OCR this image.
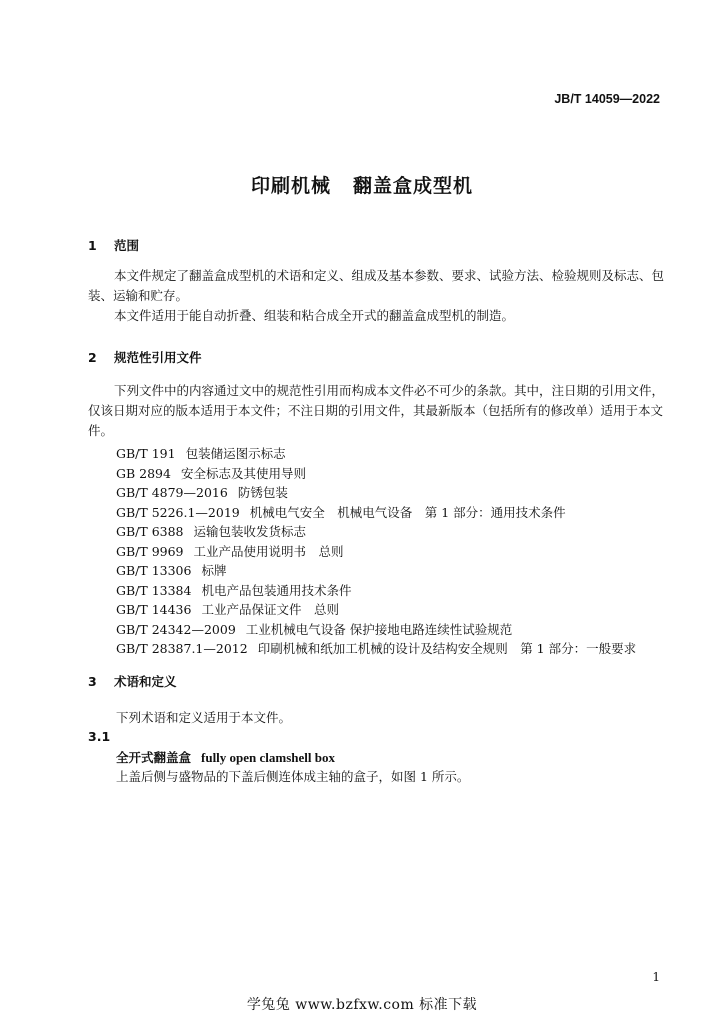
JB/T 14059—2022
印刷机械 翻盖盒成型机
1 范围
本文件规定了翻盖盒成型机的术语和定义、组成及基本参数、要求、试验方法、检验规则及标志、包装、运输和贮存。
本文件适用于能自动折叠、组装和粘合成全开式的翻盖盒成型机的制造。
2 规范性引用文件
下列文件中的内容通过文中的规范性引用而构成本文件必不可少的条款。其中，注日期的引用文件，仅该日期对应的版本适用于本文件；不注日期的引用文件，其最新版本（包括所有的修改单）适用于本文件。
GB/T 191 包装储运图示标志
GB 2894 安全标志及其使用导则
GB/T 4879—2016 防锈包装
GB/T 5226.1—2019 机械电气安全　机械电气设备　第 1 部分：通用技术条件
GB/T 6388 运输包装收发货标志
GB/T 9969 工业产品使用说明书　总则
GB/T 13306 标牌
GB/T 13384 机电产品包装通用技术条件
GB/T 14436 工业产品保证文件　总则
GB/T 24342—2009 工业机械电气设备 保护接地电路连续性试验规范
GB/T 28387.1—2012 印刷机械和纸加工机械的设计及结构安全规则　第 1 部分：一般要求
3 术语和定义
下列术语和定义适用于本文件。
3.1
全开式翻盖盒 fully open clamshell box
上盖后侧与盛物品的下盖后侧连体成主轴的盒子，如图 1 所示。
1
学兔兔 www.bzfxw.com 标准下载
